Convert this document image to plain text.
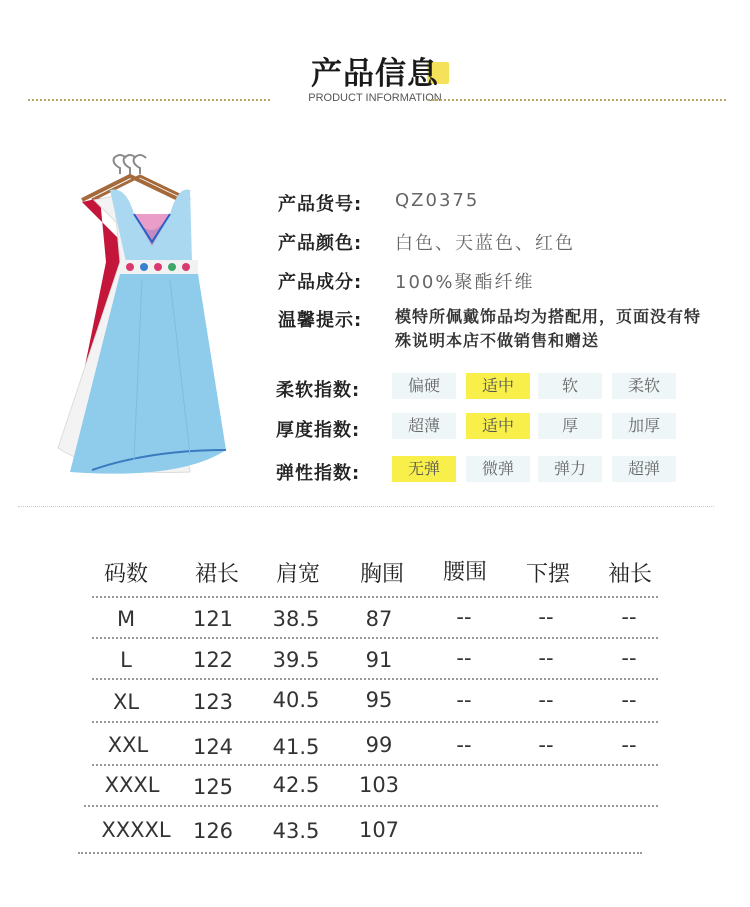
产品信息
PRODUCT INFORMATION
产品货号: QZ0375
产品颜色: 白色、天蓝色、红色
产品成分: 100%聚酯纤维
温馨提示: 模特所佩戴饰品均为搭配用，页面没有特殊说明本店不做销售和赠送
柔软指数:	偏硬	适中	软	柔软
厚度指数:	超薄	适中	厚	加厚
弹性指数:	无弹	微弹	弹力	超弹
码数	裙长	肩宽	胸围	腰围	下摆	袖长
M	121	38.5	87	--	--	--
L	122	39.5	91	--	--	--
XL	123	40.5	95	--	--	--
XXL	124	41.5	99	--	--	--
XXXL	125	42.5	103
XXXXL	126	43.5	107
